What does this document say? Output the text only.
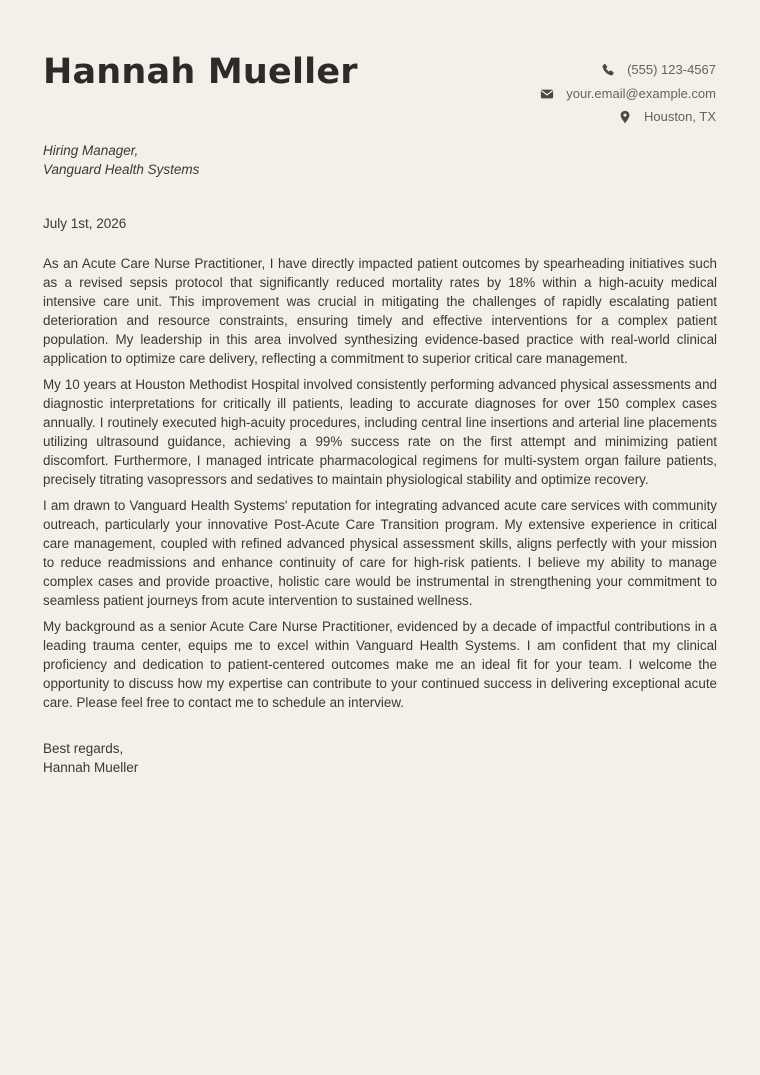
Hannah Mueller	(555) 123-4567
your.email@example.com
Houston, TX
Hiring Manager,
Vanguard Health Systems
July 1st, 2026

As an Acute Care Nurse Practitioner, I have directly impacted patient outcomes by spearheading initiatives such as a revised sepsis protocol that significantly reduced mortality rates by 18% within a high-acuity medical intensive care unit. This improvement was crucial in mitigating the challenges of rapidly escalating patient deterioration and resource constraints, ensuring timely and effective interventions for a complex patient population. My leadership in this area involved synthesizing evidence-based practice with real-world clinical application to optimize care delivery, reflecting a commitment to superior critical care management.

My 10 years at Houston Methodist Hospital involved consistently performing advanced physical assessments and diagnostic interpretations for critically ill patients, leading to accurate diagnoses for over 150 complex cases annually. I routinely executed high-acuity procedures, including central line insertions and arterial line placements utilizing ultrasound guidance, achieving a 99% success rate on the first attempt and minimizing patient discomfort. Furthermore, I managed intricate pharmacological regimens for multi-system organ failure patients, precisely titrating vasopressors and sedatives to maintain physiological stability and optimize recovery.

I am drawn to Vanguard Health Systems' reputation for integrating advanced acute care services with community outreach, particularly your innovative Post-Acute Care Transition program. My extensive experience in critical care management, coupled with refined advanced physical assessment skills, aligns perfectly with your mission to reduce readmissions and enhance continuity of care for high-risk patients. I believe my ability to manage complex cases and provide proactive, holistic care would be instrumental in strengthening your commitment to seamless patient journeys from acute intervention to sustained wellness.

My background as a senior Acute Care Nurse Practitioner, evidenced by a decade of impactful contributions in a leading trauma center, equips me to excel within Vanguard Health Systems. I am confident that my clinical proficiency and dedication to patient-centered outcomes make me an ideal fit for your team. I welcome the opportunity to discuss how my expertise can contribute to your continued success in delivering exceptional acute care. Please feel free to contact me to schedule an interview.

Best regards,
Hannah Mueller
